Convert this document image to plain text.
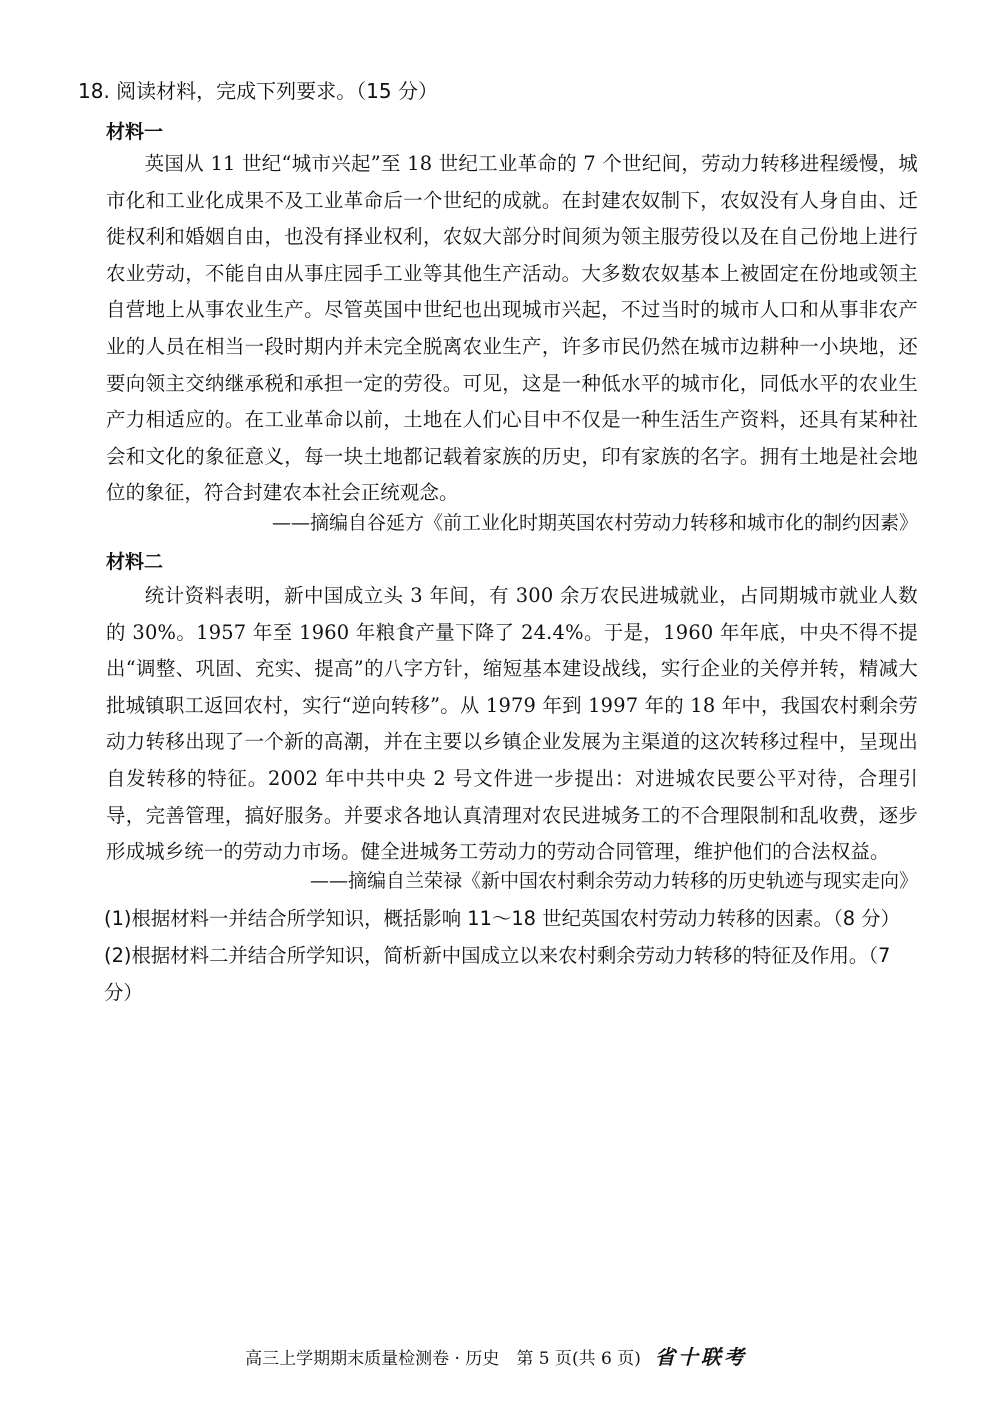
18. 阅读材料，完成下列要求。（15 分）
材料一
英国从 11 世纪“城市兴起”至 18 世纪工业革命的 7 个世纪间，劳动力转移进程缓慢，城市化和工业化成果不及工业革命后一个世纪的成就。在封建农奴制下，农奴没有人身自由、迁徙权利和婚姻自由，也没有择业权利，农奴大部分时间须为领主服劳役以及在自己份地上进行农业劳动，不能自由从事庄园手工业等其他生产活动。大多数农奴基本上被固定在份地或领主自营地上从事农业生产。尽管英国中世纪也出现城市兴起，不过当时的城市人口和从事非农产业的人员在相当一段时期内并未完全脱离农业生产，许多市民仍然在城市边耕种一小块地，还要向领主交纳继承税和承担一定的劳役。可见，这是一种低水平的城市化，同低水平的农业生产力相适应的。在工业革命以前，土地在人们心目中不仅是一种生活生产资料，还具有某种社会和文化的象征意义，每一块土地都记载着家族的历史，印有家族的名字。拥有土地是社会地位的象征，符合封建农本社会正统观念。
——摘编自谷延方《前工业化时期英国农村劳动力转移和城市化的制约因素》
材料二
统计资料表明，新中国成立头 3 年间，有 300 余万农民进城就业，占同期城市就业人数的 30%。1957 年至 1960 年粮食产量下降了 24.4%。于是，1960 年年底，中央不得不提出“调整、巩固、充实、提高”的八字方针，缩短基本建设战线，实行企业的关停并转，精减大批城镇职工返回农村，实行“逆向转移”。从 1979 年到 1997 年的 18 年中，我国农村剩余劳动力转移出现了一个新的高潮，并在主要以乡镇企业发展为主渠道的这次转移过程中，呈现出自发转移的特征。2002 年中共中央 2 号文件进一步提出：对进城农民要公平对待，合理引导，完善管理，搞好服务。并要求各地认真清理对农民进城务工的不合理限制和乱收费，逐步形成城乡统一的劳动力市场。健全进城务工劳动力的劳动合同管理，维护他们的合法权益。
——摘编自兰荣禄《新中国农村剩余劳动力转移的历史轨迹与现实走向》
(1)根据材料一并结合所学知识，概括影响 11～18 世纪英国农村劳动力转移的因素。（8 分）
(2)根据材料二并结合所学知识，简析新中国成立以来农村剩余劳动力转移的特征及作用。（7 分）
高三上学期期末质量检测卷 · 历史　第 5 页(共 6 页) 省十联考
